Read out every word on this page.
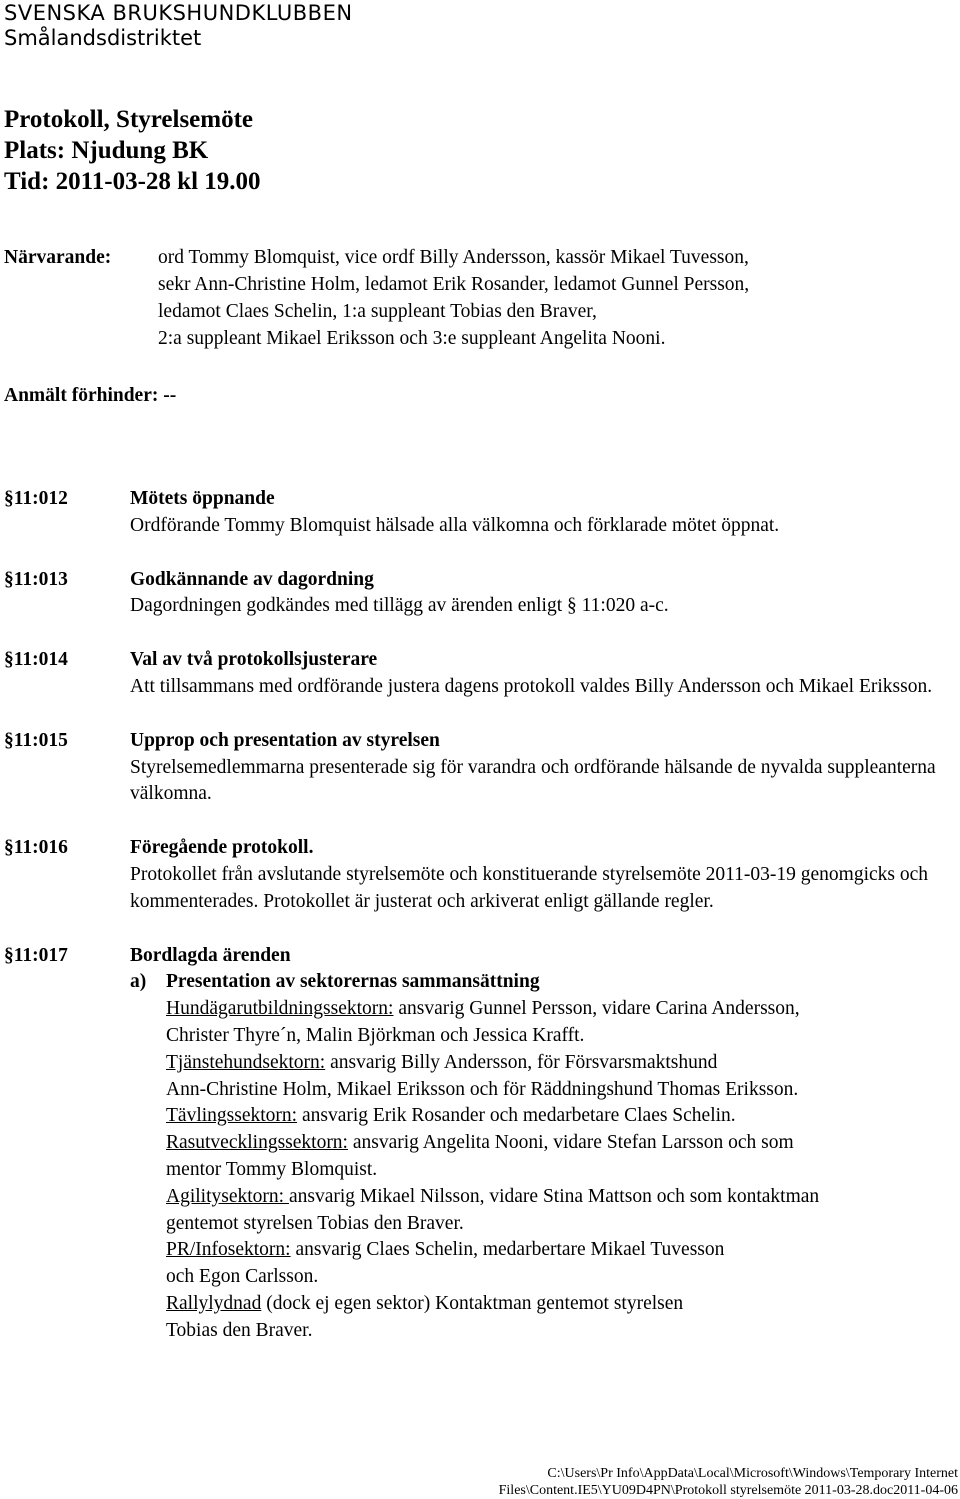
SVENSKA BRUKSHUNDKLUBBEN
Smålandsdistriktet
Protokoll, Styrelsemöte
Plats: Njudung BK
Tid: 2011-03-28 kl 19.00
Närvarande: ord Tommy Blomquist, vice ordf Billy Andersson, kassör Mikael Tuvesson,
sekr Ann-Christine Holm, ledamot Erik Rosander, ledamot Gunnel Persson,
ledamot Claes Schelin, 1:a suppleant Tobias den Braver,
2:a suppleant Mikael Eriksson och 3:e suppleant Angelita Nooni.
Anmält förhinder: --
§11:012	Mötets öppnande
Ordförande Tommy Blomquist hälsade alla välkomna och förklarade mötet öppnat.
§11:013	Godkännande av dagordning
Dagordningen godkändes med tillägg av ärenden enligt § 11:020 a-c.
§11:014	Val av två protokollsjusterare
Att tillsammans med ordförande justera dagens protokoll valdes Billy Andersson och Mikael Eriksson.
§11:015	Upprop och presentation av styrelsen
Styrelsemedlemmarna presenterade sig för varandra och ordförande hälsande de nyvalda suppleanterna välkomna.
§11:016	Föregående protokoll.
Protokollet från avslutande styrelsemöte och konstituerande styrelsemöte 2011-03-19 genomgicks och kommenterades. Protokollet är justerat och arkiverat enligt gällande regler.
§11:017	Bordlagda ärenden
a) Presentation av sektorernas sammansättning
Hundägarutbildningssektorn: ansvarig Gunnel Persson, vidare Carina Andersson,
Christer Thyre´n, Malin Björkman och Jessica Krafft.
Tjänstehundsektorn: ansvarig Billy Andersson, för Försvarsmaktshund
Ann-Christine Holm, Mikael Eriksson och för Räddningshund Thomas Eriksson.
Tävlingssektorn: ansvarig Erik Rosander och medarbetare Claes Schelin.
Rasutvecklingssektorn: ansvarig Angelita Nooni, vidare Stefan Larsson och som
mentor Tommy Blomquist.
Agilitysektorn: ansvarig Mikael Nilsson, vidare Stina Mattson och som kontaktman
gentemot styrelsen Tobias den Braver.
PR/Infosektorn: ansvarig Claes Schelin, medarbertare Mikael Tuvesson
och Egon Carlsson.
Rallylydnad (dock ej egen sektor) Kontaktman gentemot styrelsen
Tobias den Braver.
C:\Users\Pr Info\AppData\Local\Microsoft\Windows\Temporary Internet Files\Content.IE5\YU09D4PN\Protokoll styrelsemöte 2011-03-28.doc2011-04-06
